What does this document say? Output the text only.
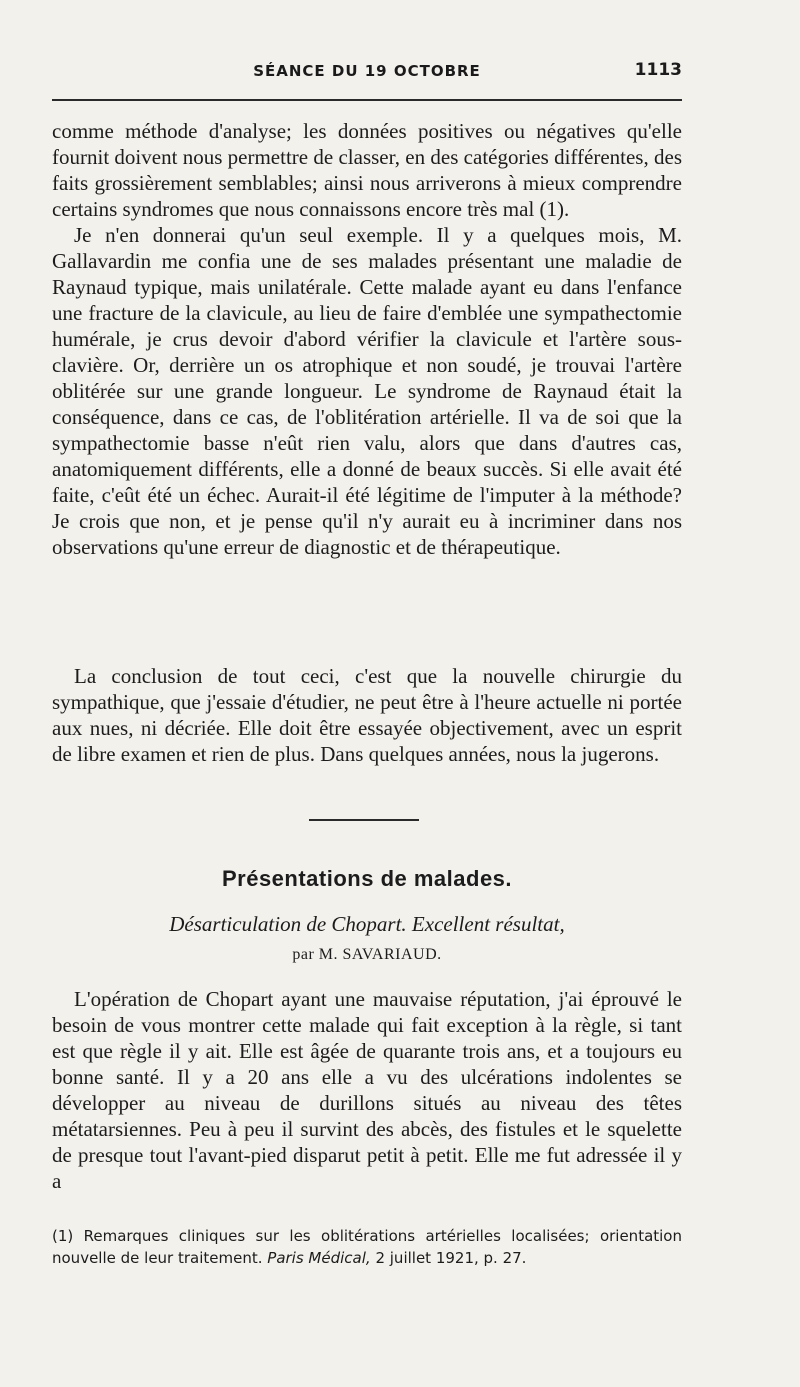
SÉANCE DU 19 OCTOBRE	1113

comme méthode d'analyse; les données positives ou négatives qu'elle fournit doivent nous permettre de classer, en des catégories différentes, des faits grossièrement semblables; ainsi nous arriverons à mieux comprendre certains syndromes que nous connaissons encore très mal (1).

Je n'en donnerai qu'un seul exemple. Il y a quelques mois, M. Gallavardin me confia une de ses malades présentant une maladie de Raynaud typique, mais unilatérale. Cette malade ayant eu dans l'enfance une fracture de la clavicule, au lieu de faire d'emblée une sympathectomie humérale, je crus devoir d'abord vérifier la clavicule et l'artère sous-clavière. Or, derrière un os atrophique et non soudé, je trouvai l'artère oblitérée sur une grande longueur. Le syndrome de Raynaud était la conséquence, dans ce cas, de l'oblitération artérielle. Il va de soi que la sympathectomie basse n'eût rien valu, alors que dans d'autres cas, anatomiquement différents, elle a donné de beaux succès. Si elle avait été faite, c'eût été un échec. Aurait-il été légitime de l'imputer à la méthode? Je crois que non, et je pense qu'il n'y aurait eu à incriminer dans nos observations qu'une erreur de diagnostic et de thérapeutique.

La conclusion de tout ceci, c'est que la nouvelle chirurgie du sympathique, que j'essaie d'étudier, ne peut être à l'heure actuelle ni portée aux nues, ni décriée. Elle doit être essayée objectivement, avec un esprit de libre examen et rien de plus. Dans quelques années, nous la jugerons.

Présentations de malades.
Désarticulation de Chopart. Excellent résultat,
par M. SAVARIAUD.

L'opération de Chopart ayant une mauvaise réputation, j'ai éprouvé le besoin de vous montrer cette malade qui fait exception à la règle, si tant est que règle il y ait. Elle est âgée de quarante trois ans, et a toujours eu bonne santé. Il y a 20 ans elle a vu des ulcérations indolentes se développer au niveau de durillons situés au niveau des têtes métatarsiennes. Peu à peu il survint des abcès, des fistules et le squelette de presque tout l'avant-pied disparut petit à petit. Elle me fut adressée il y a

(1) Remarques cliniques sur les oblitérations artérielles localisées; orientation nouvelle de leur traitement. Paris Médical, 2 juillet 1921, p. 27.
